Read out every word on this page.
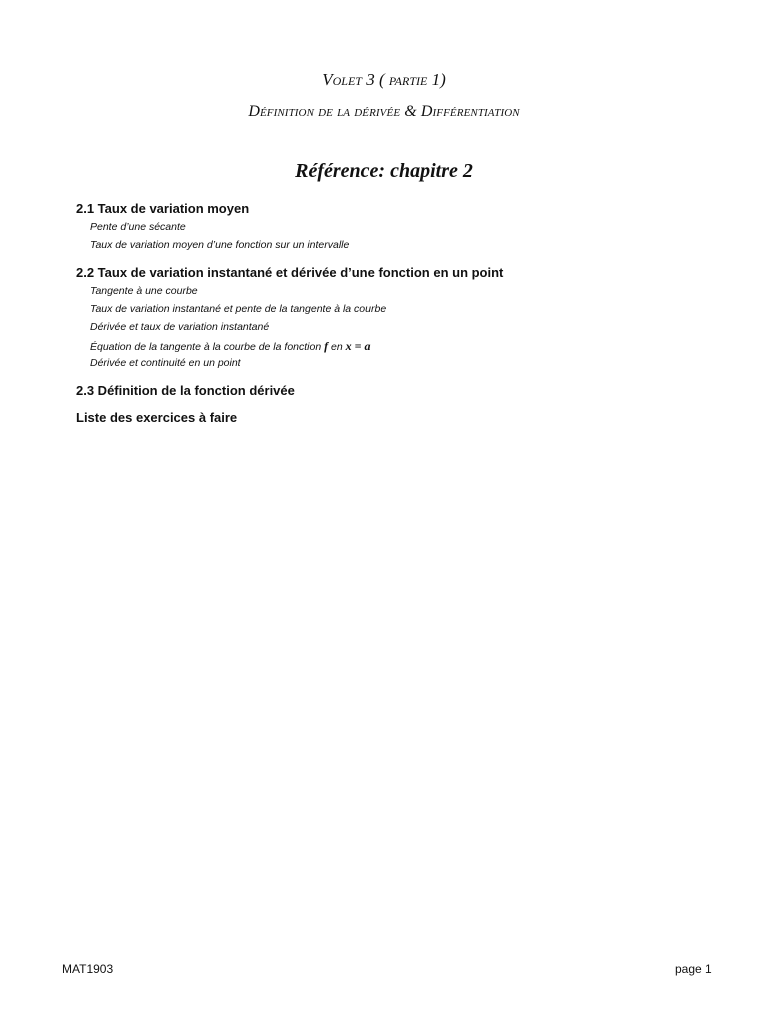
Volet 3 ( partie 1)
Définition de la dérivée & Différentiation
Référence: chapitre 2
2.1 Taux de variation moyen
Pente d’une sécante
Taux de variation moyen d’une fonction sur un intervalle
2.2 Taux de variation instantané et dérivée d’une fonction en un point
Tangente à une courbe
Taux de variation instantané et pente de la tangente à la courbe
Dérivée et taux de variation instantané
Équation de la tangente à la courbe de la fonction f en x = a
Dérivée et continuité en un point
2.3 Définition de la fonction dérivée
Liste des exercices à faire
MAT1903	page 1
